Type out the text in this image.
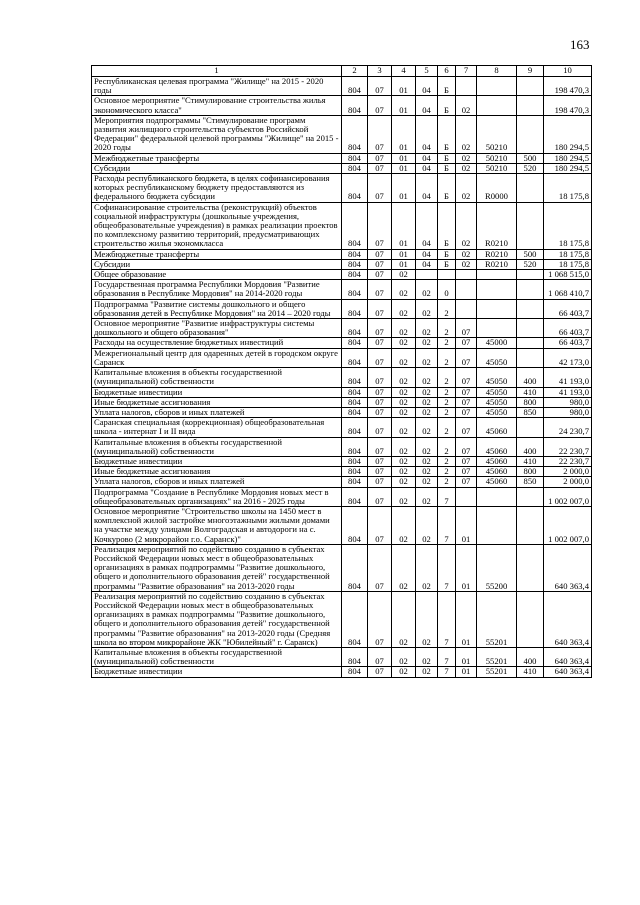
163
1	2	3	4	5	6	7	8	9	10
Республиканская целевая программа "Жилище" на 2015 - 2020 годы	804	07	01	04	Б				198 470,3
Основное мероприятие "Стимулирование строительства жилья экономического класса"	804	07	01	04	Б	02			198 470,3
Мероприятия подпрограммы "Стимулирование программ развития жилищного строительства субъектов Российской Федерации" федеральной целевой программы "Жилище" на 2015 - 2020 годы	804	07	01	04	Б	02	50210		180 294,5
Межбюджетные трансферты	804	07	01	04	Б	02	50210	500	180 294,5
Субсидии	804	07	01	04	Б	02	50210	520	180 294,5
Расходы республиканского бюджета, в целях софинансирования которых республиканскому бюджету предоставляются из федерального бюджета субсидии	804	07	01	04	Б	02	R0000		18 175,8
Софинансирование строительства (реконструкций) объектов социальной инфраструктуры (дошкольные учреждения, общеобразовательные учреждения) в рамках реализации проектов по комплексному развитию территорий, предусматривающих строительство жилья экономкласса	804	07	01	04	Б	02	R0210		18 175,8
Межбюджетные трансферты	804	07	01	04	Б	02	R0210	500	18 175,8
Субсидии	804	07	01	04	Б	02	R0210	520	18 175,8
Общее образование	804	07	02						1 068 515,0
Государственная программа Республики Мордовия "Развитие образования в Республике Мордовия" на 2014-2020 годы	804	07	02	02	0				1 068 410,7
Подпрограмма "Развитие системы дошкольного и общего образования детей в Республике Мордовия" на 2014 – 2020 годы	804	07	02	02	2				66 403,7
Основное мероприятие "Развитие инфраструктуры системы дошкольного и общего образования"	804	07	02	02	2	07			66 403,7
Расходы на осуществление бюджетных инвестиций	804	07	02	02	2	07	45000		66 403,7
Межрегиональный центр для одаренных детей в городском округе Саранск	804	07	02	02	2	07	45050		42 173,0
Капитальные вложения в объекты государственной (муниципальной) собственности	804	07	02	02	2	07	45050	400	41 193,0
Бюджетные инвестиции	804	07	02	02	2	07	45050	410	41 193,0
Иные бюджетные ассигнования	804	07	02	02	2	07	45050	800	980,0
Уплата налогов, сборов и иных платежей	804	07	02	02	2	07	45050	850	980,0
Саранская специальная (коррекционная) общеобразовательная школа - интернат I и II вида	804	07	02	02	2	07	45060		24 230,7
Капитальные вложения в объекты государственной (муниципальной) собственности	804	07	02	02	2	07	45060	400	22 230,7
Бюджетные инвестиции	804	07	02	02	2	07	45060	410	22 230,7
Иные бюджетные ассигнования	804	07	02	02	2	07	45060	800	2 000,0
Уплата налогов, сборов и иных платежей	804	07	02	02	2	07	45060	850	2 000,0
Подпрограмма "Создание в Республике Мордовия новых мест в общеобразовательных организациях" на 2016 - 2025 годы	804	07	02	02	7				1 002 007,0
Основное мероприятие "Строительство школы на 1450 мест в комплексной жилой застройке многоэтажными жилыми домами на участке между улицами Волгоградская и автодороги на с. Кочкурово (2 микрорайон г.о. Саранск)"	804	07	02	02	7	01			1 002 007,0
Реализация мероприятий по содействию созданию в субъектах Российской Федерации новых мест в общеобразовательных организациях в рамках подпрограммы "Развитие дошкольного, общего и дополнительного образования детей" государственной программы "Развитие образования" на 2013-2020 годы	804	07	02	02	7	01	55200		640 363,4
Реализация мероприятий по содействию созданию в субъектах Российской Федерации новых мест в общеобразовательных организациях в рамках подпрограммы "Развитие дошкольного, общего и дополнительного образования детей" государственной программы "Развитие образования" на 2013-2020 годы (Средняя школа во втором микрорайоне ЖК "Юбилейный" г. Саранск)	804	07	02	02	7	01	55201		640 363,4
Капитальные вложения в объекты государственной (муниципальной) собственности	804	07	02	02	7	01	55201	400	640 363,4
Бюджетные инвестиции	804	07	02	02	7	01	55201	410	640 363,4
